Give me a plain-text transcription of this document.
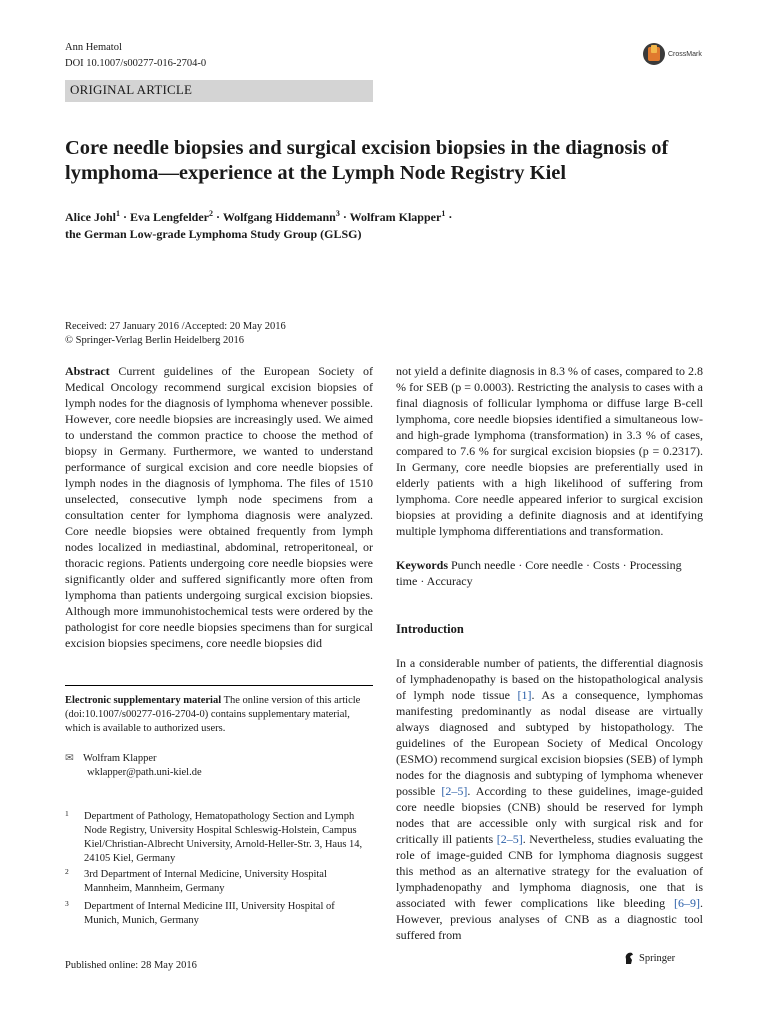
Ann Hematol
DOI 10.1007/s00277-016-2704-0
ORIGINAL ARTICLE
CrossMark
Core needle biopsies and surgical excision biopsies in the diagnosis of lymphoma—experience at the Lymph Node Registry Kiel
Alice Johl$^1$ · Eva Lengfelder$^2$ · Wolfgang Hiddemann$^3$ · Wolfram Klapper$^1$ ·
the German Low-grade Lymphoma Study Group (GLSG)
Received: 27 January 2016 /Accepted: 20 May 2016
© Springer-Verlag Berlin Heidelberg 2016
Abstract Current guidelines of the European Society of Medical Oncology recommend surgical excision biopsies of lymph nodes for the diagnosis of lymphoma whenever possible. However, core needle biopsies are increasingly used. We aimed to understand the common practice to choose the method of biopsy in Germany. Furthermore, we wanted to understand performance of surgical excision and core needle biopsies of lymph nodes in the diagnosis of lymphoma. The files of 1510 unselected, consecutive lymph node specimens from a consultation center for lymphoma diagnosis were analyzed. Core needle biopsies were obtained frequently from lymph nodes localized in mediastinal, abdominal, retroperitoneal, or thoracic regions. Patients undergoing core needle biopsies were significantly older and suffered significantly more often from lymphoma than patients undergoing surgical excision biopsies. Although more immunohistochemical tests were ordered by the pathologist for core needle biopsies specimens than for surgical excision biopsies specimens, core needle biopsies did
not yield a definite diagnosis in 8.3 % of cases, compared to 2.8 % for SEB (p = 0.0003). Restricting the analysis to cases with a final diagnosis of follicular lymphoma or diffuse large B-cell lymphoma, core needle biopsies identified a simultaneous low- and high-grade lymphoma (transformation) in 3.3 % of cases, compared to 7.6 % for surgical excision biopsies (p = 0.2317). In Germany, core needle biopsies are preferentially used in elderly patients with a high likelihood of suffering from lymphoma. Core needle appeared inferior to surgical excision biopsies at providing a definite diagnosis and at identifying multiple lymphoma differentiations and transformation.
Keywords Punch needle · Core needle · Costs · Processing time · Accuracy
Introduction
In a considerable number of patients, the differential diagnosis of lymphadenopathy is based on the histopathological analysis of lymph node tissue [1]. As a consequence, lymphomas manifesting predominantly as nodal disease are virtually always diagnosed and subtyped by histopathology. The guidelines of the European Society of Medical Oncology (ESMO) recommend surgical excision biopsies (SEB) of lymph nodes for the diagnosis and subtyping of lymphoma whenever possible [2–5]. According to these guidelines, image-guided core needle biopsies (CNB) should be reserved for lymph nodes that are accessible only with surgical risk and for critically ill patients [2–5]. Nevertheless, studies evaluating the role of image-guided CNB for lymphoma diagnosis suggest this method as an alternative strategy for the evaluation of lymphadenopathy and lymphoma diagnosis, one that is associated with fewer complications like bleeding [6–9]. However, previous analyses of CNB as a diagnostic tool suffered from
Electronic supplementary material The online version of this article (doi:10.1007/s00277-016-2704-0) contains supplementary material, which is available to authorized users.
✉ Wolfram Klapper
wklapper@path.uni-kiel.de
1 Department of Pathology, Hematopathology Section and Lymph Node Registry, University Hospital Schleswig-Holstein, Campus Kiel/Christian-Albrecht University, Arnold-Heller-Str. 3, Haus 14, 24105 Kiel, Germany
2 3rd Department of Internal Medicine, University Hospital Mannheim, Mannheim, Germany
3 Department of Internal Medicine III, University Hospital of Munich, Munich, Germany
Published online: 28 May 2016
Springer
